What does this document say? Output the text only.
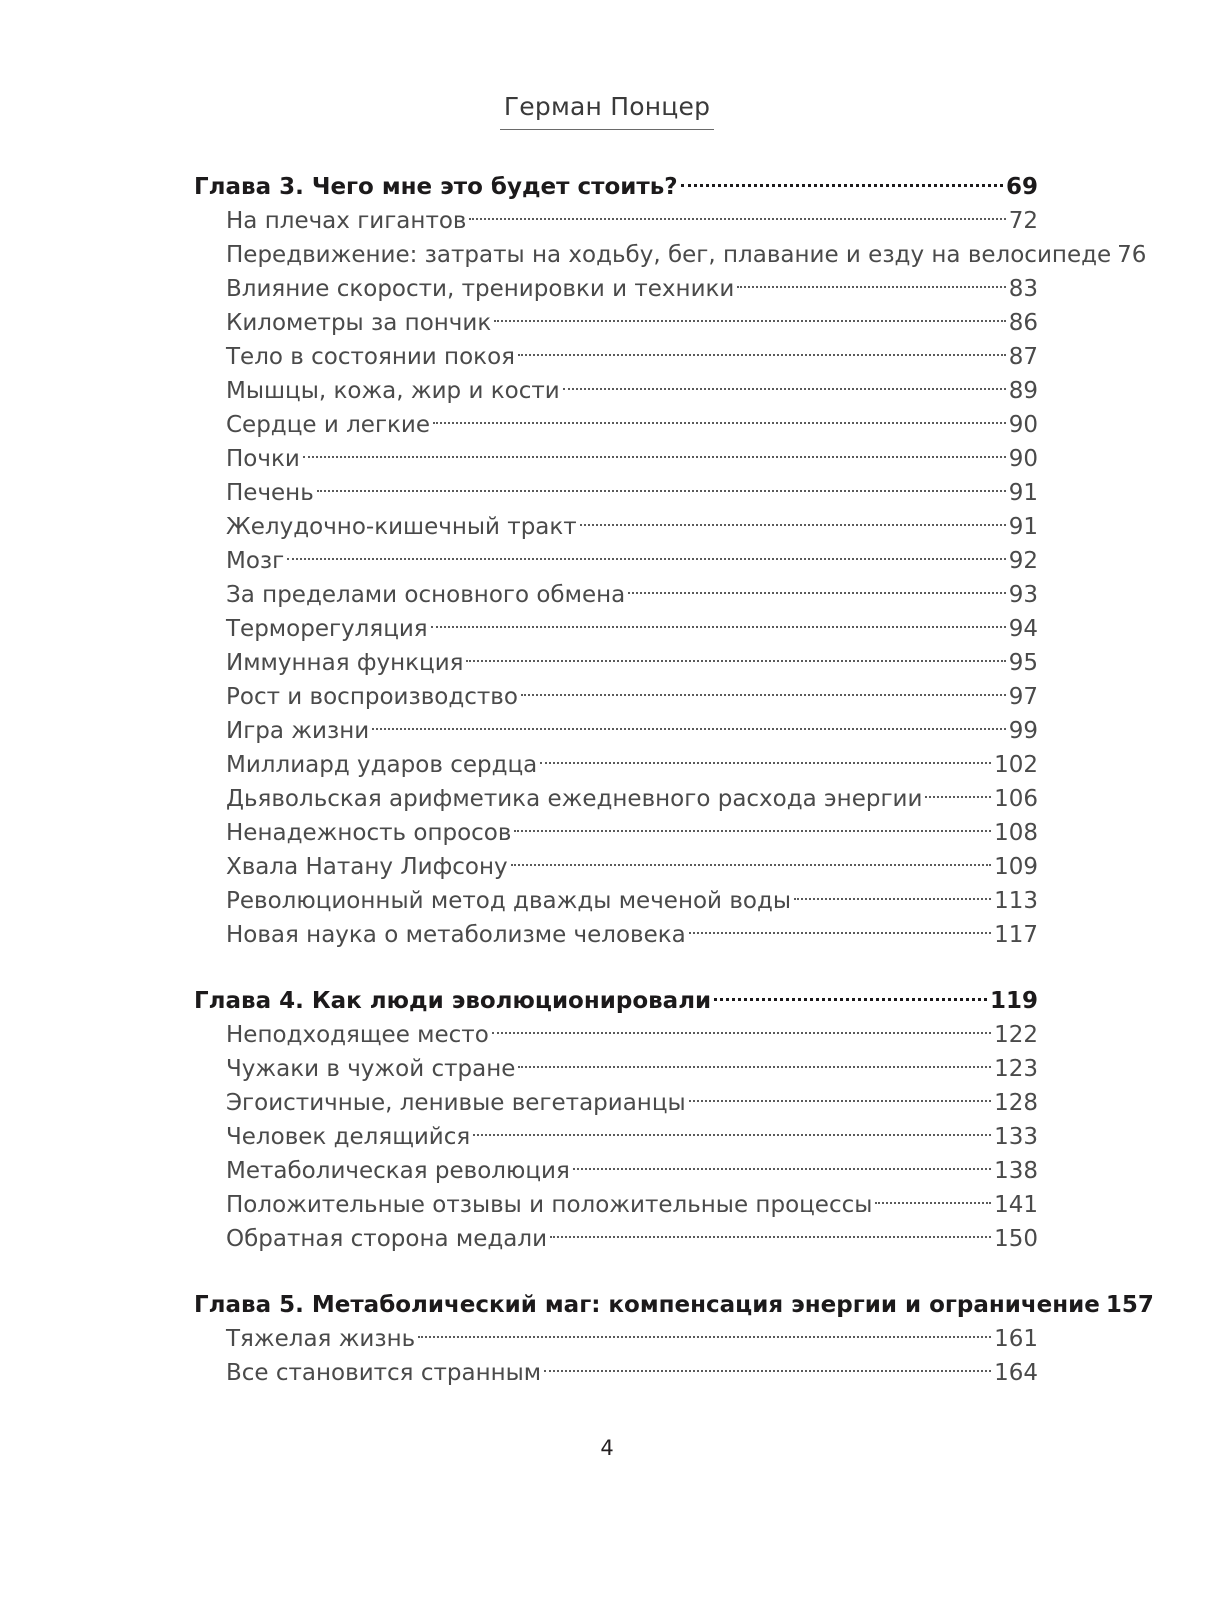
Герман Понцер
Глава 3. Чего мне это будет стоить?	69
На плечах гигантов	72
Передвижение: затраты на ходьбу, бег, плавание и езду на велосипеде 76
Влияние скорости, тренировки и техники	83
Километры за пончик	86
Тело в состоянии покоя	87
Мышцы, кожа, жир и кости	89
Сердце и легкие	90
Почки	90
Печень	91
Желудочно-кишечный тракт	91
Мозг	92
За пределами основного обмена	93
Терморегуляция	94
Иммунная функция	95
Рост и воспроизводство	97
Игра жизни	99
Миллиард ударов сердца	102
Дьявольская арифметика ежедневного расхода энергии	106
Ненадежность опросов	108
Хвала Натану Лифсону	109
Революционный метод дважды меченой воды	113
Новая наука о метаболизме человека	117
Глава 4. Как люди эволюционировали	119
Неподходящее место	122
Чужаки в чужой стране	123
Эгоистичные, ленивые вегетарианцы	128
Человек делящийся	133
Метаболическая революция	138
Положительные отзывы и положительные процессы	141
Обратная сторона медали	150
Глава 5. Метаболический маг: компенсация энергии и ограничение 157
Тяжелая жизнь	161
Все становится странным	164
4
